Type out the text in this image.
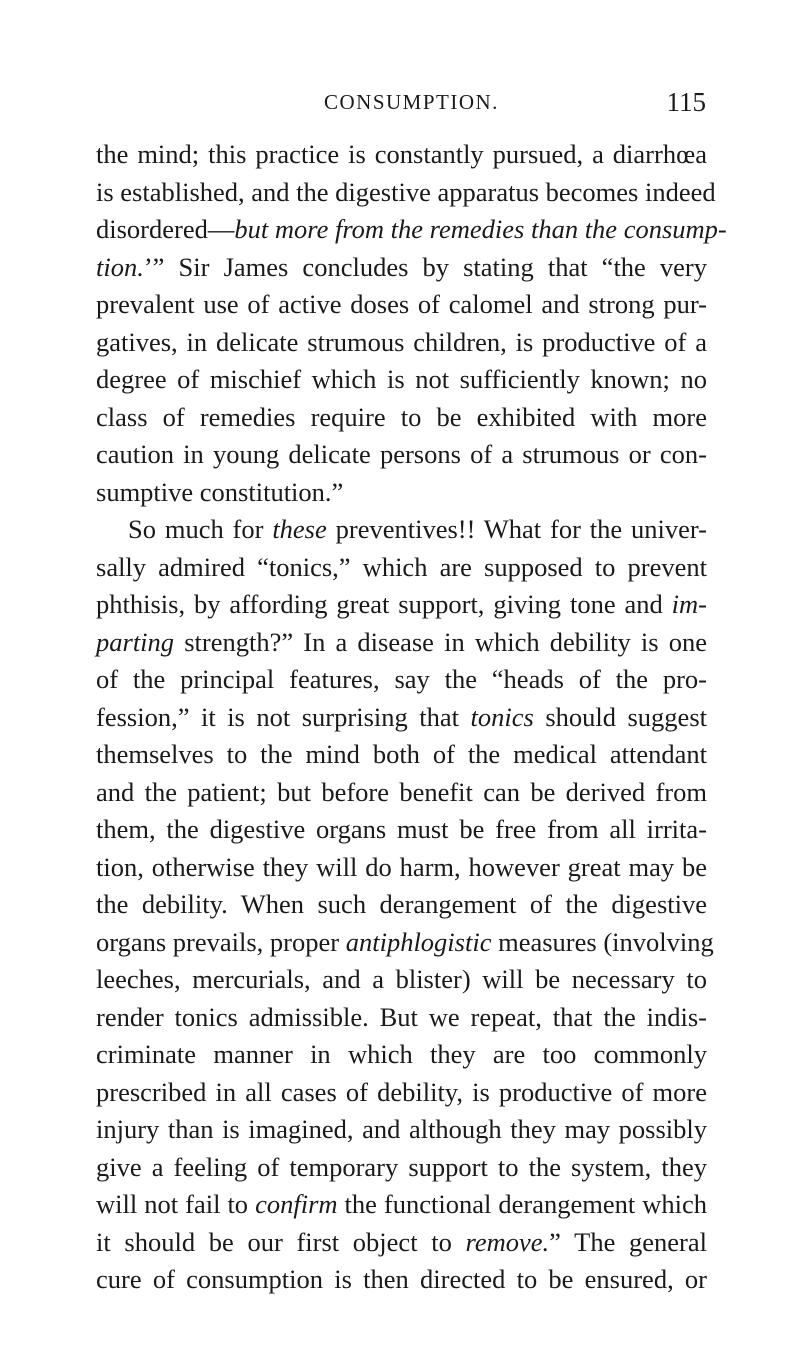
CONSUMPTION.	115
the mind; this practice is constantly pursued, a diarrhœa
is established, and the digestive apparatus becomes indeed
disordered—but more from the remedies than the consump-
tion.’” Sir James concludes by stating that “the very
prevalent use of active doses of calomel and strong pur-
gatives, in delicate strumous children, is productive of a
degree of mischief which is not sufficiently known; no
class of remedies require to be exhibited with more
caution in young delicate persons of a strumous or con-
sumptive constitution.”
So much for these preventives!! What for the univer-
sally admired “tonics,” which are supposed to prevent
phthisis, by affording great support, giving tone and im-
parting strength?” In a disease in which debility is one
of the principal features, say the “heads of the pro-
fession,” it is not surprising that tonics should suggest
themselves to the mind both of the medical attendant
and the patient; but before benefit can be derived from
them, the digestive organs must be free from all irrita-
tion, otherwise they will do harm, however great may be
the debility. When such derangement of the digestive
organs prevails, proper antiphlogistic measures (involving
leeches, mercurials, and a blister) will be necessary to
render tonics admissible. But we repeat, that the indis-
criminate manner in which they are too commonly
prescribed in all cases of debility, is productive of more
injury than is imagined, and although they may possibly
give a feeling of temporary support to the system, they
will not fail to confirm the functional derangement which
it should be our first object to remove.” The general
cure of consumption is then directed to be ensured, or
